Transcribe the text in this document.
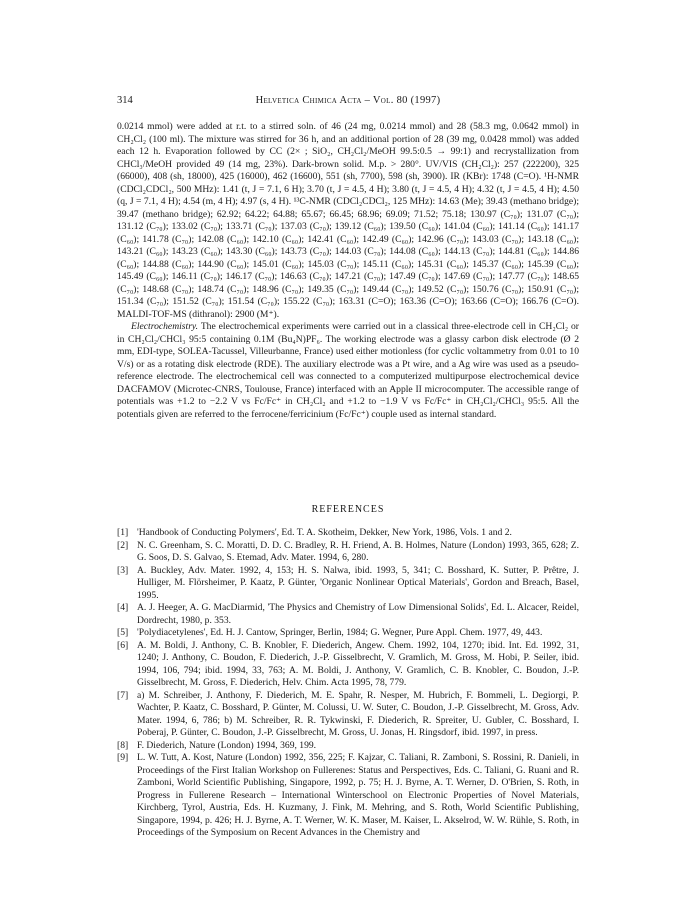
314	Helvetica Chimica Acta – Vol. 80 (1997)

0.0214 mmol) were added at r.t. to a stirred soln. of 46 (24 mg, 0.0214 mmol) and 28 (58.3 mg, 0.0642 mmol) in CH₂Cl₂ (100 ml). The mixture was stirred for 36 h, and an additional portion of 28 (39 mg, 0.0428 mmol) was added each 12 h. Evaporation followed by CC (2× ; SiO₂, CH₂Cl₂/MeOH 99.5:0.5 → 99:1) and recrystallization from CHCl₃/MeOH provided 49 (14 mg, 23%). Dark-brown solid. M.p. > 280°. UV/VIS (CH₂Cl₂): 257 (222200), 325 (66000), 408 (sh, 18000), 425 (16000), 462 (16600), 551 (sh, 7700), 598 (sh, 3900). IR (KBr): 1748 (C=O). ¹H-NMR (CDCl₂CDCl₂, 500 MHz): 1.41 (t, J = 7.1, 6 H); 3.70 (t, J = 4.5, 4 H); 3.80 (t, J = 4.5, 4 H); 4.32 (t, J = 4.5, 4 H); 4.50 (q, J = 7.1, 4 H); 4.54 (m, 4 H); 4.97 (s, 4 H). ¹³C-NMR (CDCl₂CDCl₂, 125 MHz): 14.63 (Me); 39.43 (methano bridge); 39.47 (methano bridge); 62.92; 64.22; 64.88; 65.67; 66.45; 68.96; 69.09; 71.52; 75.18; 130.97 (C₇₀); 131.07 (C₇₀); 131.12 (C₇₀); 133.02 (C₇₀); 133.71 (C₇₀); 137.03 (C₇₀); 139.12 (C₆₀); 139.50 (C₆₀); 141.04 (C₆₀); 141.14 (C₆₀); 141.17 (C₆₀); 141.78 (C₇₀); 142.08 (C₆₀); 142.10 (C₆₀); 142.41 (C₆₀); 142.49 (C₆₀); 142.96 (C₇₀); 143.03 (C₇₀); 143.18 (C₆₀); 143.21 (C₆₀); 143.23 (C₆₀); 143.30 (C₆₀); 143.73 (C₇₀); 144.03 (C₇₀); 144.08 (C₆₀); 144.13 (C₇₀); 144.81 (C₆₀); 144.86 (C₆₀); 144.88 (C₆₀); 144.90 (C₆₀); 145.01 (C₆₀); 145.03 (C₇₀); 145.11 (C₆₀); 145.31 (C₆₀); 145.37 (C₆₀); 145.39 (C₆₀); 145.49 (C₆₀); 146.11 (C₇₀); 146.17 (C₇₀); 146.63 (C₇₀); 147.21 (C₇₀); 147.49 (C₇₀); 147.69 (C₇₀); 147.77 (C₇₀); 148.65 (C₇₀); 148.68 (C₇₀); 148.74 (C₇₀); 148.96 (C₇₀); 149.35 (C₇₀); 149.44 (C₇₀); 149.52 (C₇₀); 150.76 (C₇₀); 150.91 (C₇₀); 151.34 (C₇₀); 151.52 (C₇₀); 151.54 (C₇₀); 155.22 (C₇₀); 163.31 (C=O); 163.36 (C=O); 163.66 (C=O); 166.76 (C=O). MALDI-TOF-MS (dithranol): 2900 (M⁺).

Electrochemistry. The electrochemical experiments were carried out in a classical three-electrode cell in CH₂Cl₂ or in CH₂Cl₂/CHCl₃ 95:5 containing 0.1M (Bu₄N)PF₆. The working electrode was a glassy carbon disk electrode (Ø 2 mm, EDI-type, SOLEA-Tacussel, Villeurbanne, France) used either motionless (for cyclic voltammetry from 0.01 to 10 V/s) or as a rotating disk electrode (RDE). The auxiliary electrode was a Pt wire, and a Ag wire was used as a pseudo-reference electrode. The electrochemical cell was connected to a computerized multipurpose electrochemical device DACFAMOV (Microtec-CNRS, Toulouse, France) interfaced with an Apple II microcomputer. The accessible range of potentials was +1.2 to −2.2 V vs Fc/Fc⁺ in CH₂Cl₂ and +1.2 to −1.9 V vs Fc/Fc⁺ in CH₂Cl₂/CHCl₃ 95:5. All the potentials given are referred to the ferrocene/ferricinium (Fc/Fc⁺) couple used as internal standard.

REFERENCES
[1] 'Handbook of Conducting Polymers', Ed. T. A. Skotheim, Dekker, New York, 1986, Vols. 1 and 2.
[2] N. C. Greenham, S. C. Moratti, D. D. C. Bradley, R. H. Friend, A. B. Holmes, Nature (London) 1993, 365, 628; Z. G. Soos, D. S. Galvao, S. Etemad, Adv. Mater. 1994, 6, 280.
[3] A. Buckley, Adv. Mater. 1992, 4, 153; H. S. Nalwa, ibid. 1993, 5, 341; C. Bosshard, K. Sutter, P. Prêtre, J. Hulliger, M. Flörsheimer, P. Kaatz, P. Günter, 'Organic Nonlinear Optical Materials', Gordon and Breach, Basel, 1995.
[4] A. J. Heeger, A. G. MacDiarmid, 'The Physics and Chemistry of Low Dimensional Solids', Ed. L. Alcacer, Reidel, Dordrecht, 1980, p. 353.
[5] 'Polydiacetylenes', Ed. H. J. Cantow, Springer, Berlin, 1984; G. Wegner, Pure Appl. Chem. 1977, 49, 443.
[6] A. M. Boldi, J. Anthony, C. B. Knobler, F. Diederich, Angew. Chem. 1992, 104, 1270; ibid. Int. Ed. 1992, 31, 1240; J. Anthony, C. Boudon, F. Diederich, J.-P. Gisselbrecht, V. Gramlich, M. Gross, M. Hobi, P. Seiler, ibid. 1994, 106, 794; ibid. 1994, 33, 763; A. M. Boldi, J. Anthony, V. Gramlich, C. B. Knobler, C. Boudon, J.-P. Gisselbrecht, M. Gross, F. Diederich, Helv. Chim. Acta 1995, 78, 779.
[7] a) M. Schreiber, J. Anthony, F. Diederich, M. E. Spahr, R. Nesper, M. Hubrich, F. Bommeli, L. Degiorgi, P. Wachter, P. Kaatz, C. Bosshard, P. Günter, M. Colussi, U. W. Suter, C. Boudon, J.-P. Gisselbrecht, M. Gross, Adv. Mater. 1994, 6, 786; b) M. Schreiber, R. R. Tykwinski, F. Diederich, R. Spreiter, U. Gubler, C. Bosshard, I. Poberaj, P. Günter, C. Boudon, J.-P. Gisselbrecht, M. Gross, U. Jonas, H. Ringsdorf, ibid. 1997, in press.
[8] F. Diederich, Nature (London) 1994, 369, 199.
[9] L. W. Tutt, A. Kost, Nature (London) 1992, 356, 225; F. Kajzar, C. Taliani, R. Zamboni, S. Rossini, R. Danieli, in Proceedings of the First Italian Workshop on Fullerenes: Status and Perspectives, Eds. C. Taliani, G. Ruani and R. Zamboni, World Scientific Publishing, Singapore, 1992, p. 75; H. J. Byrne, A. T. Werner, D. O'Brien, S. Roth, in Progress in Fullerene Research – International Winterschool on Electronic Properties of Novel Materials, Kirchberg, Tyrol, Austria, Eds. H. Kuzmany, J. Fink, M. Mehring, and S. Roth, World Scientific Publishing, Singapore, 1994, p. 426; H. J. Byrne, A. T. Werner, W. K. Maser, M. Kaiser, L. Akselrod, W. W. Rühle, S. Roth, in Proceedings of the Symposium on Recent Advances in the Chemistry and
